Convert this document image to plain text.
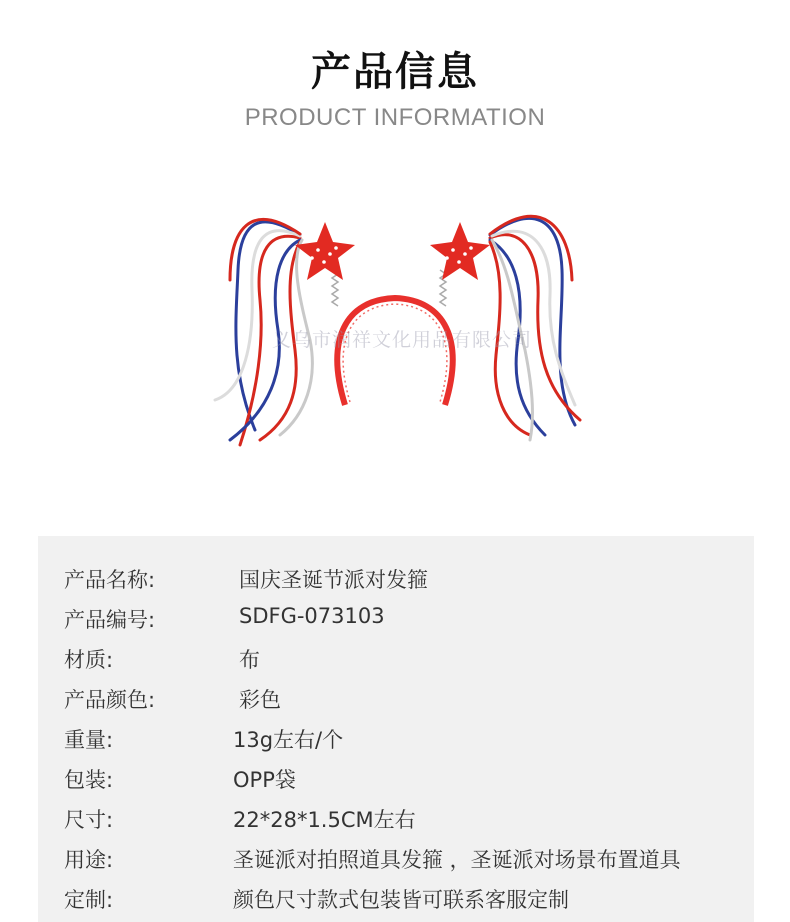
产品信息
PRODUCT INFORMATION
义乌市润祥文化用品有限公司
产品名称:	国庆圣诞节派对发箍
产品编号:	SDFG-073103
材质:	布
产品颜色:	彩色
重量:	13g左右/个
包装:	OPP袋
尺寸:	22*28*1.5CM左右
用途:	圣诞派对拍照道具发箍 ，圣诞派对场景布置道具
定制:	颜色尺寸款式包装皆可联系客服定制
